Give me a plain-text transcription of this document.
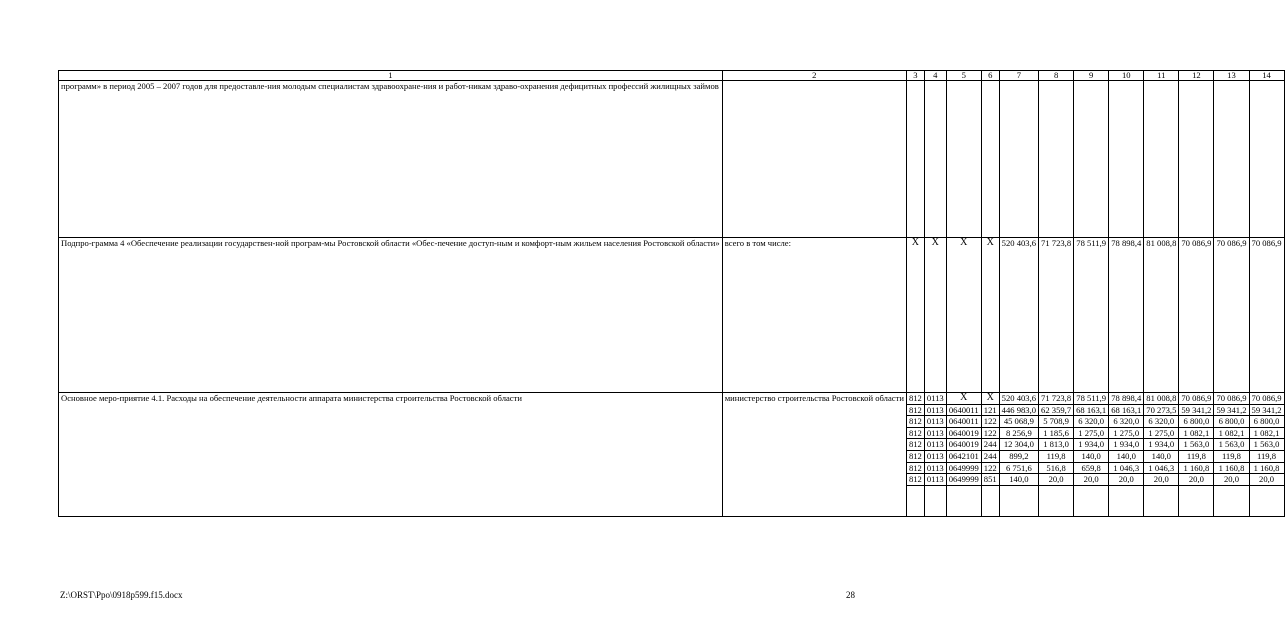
1	2	3	4	5	6	7	8	9	10	11	12	13	14
программ» в период 2005 – 2007 годов для предоставле-ния молодым специалистам здравоохране-ния и работ-никам здраво-охранения дефицитных профессий жилищных займов													
Подпро-грамма 4 «Обеспечение реализации государствен-ной програм-мы Ростовской области «Обес-печение доступ-ным и комфорт-ным жильем населения Ростовской области»	всего в том числе:	X	X	X	X	520 403,6	71 723,8	78 511,9	78 898,4	81 008,8	70 086,9	70 086,9	70 086,9
Основное меро-приятие 4.1. Расходы на обеспечение деятельности аппарата министерства строительства Ростовской области	министерство строительства Ростовской области	812	0113	X	X	520 403,6	71 723,8	78 511,9	78 898,4	81 008,8	70 086,9	70 086,9	70 086,9
		812	0113	0640011	121	446 983,0	62 359,7	68 163,1	68 163,1	70 273,5	59 341,2	59 341,2	59 341,2
		812	0113	0640011	122	45 068,9	5 708,9	6 320,0	6 320,0	6 320,0	6 800,0	6 800,0	6 800,0
		812	0113	0640019	122	8 256,9	1 185,6	1 275,0	1 275,0	1 275,0	1 082,1	1 082,1	1 082,1
		812	0113	0640019	244	12 304,0	1 813,0	1 934,0	1 934,0	1 934,0	1 563,0	1 563,0	1 563,0
		812	0113	0642101	244	899,2	119,8	140,0	140,0	140,0	119,8	119,8	119,8
		812	0113	0649999	122	6 751,6	516,8	659,8	1 046,3	1 046,3	1 160,8	1 160,8	1 160,8
		812	0113	0649999	851	140,0	20,0	20,0	20,0	20,0	20,0	20,0	20,0

Z:\ORST\Ppo\0918p599.f15.docx	28
